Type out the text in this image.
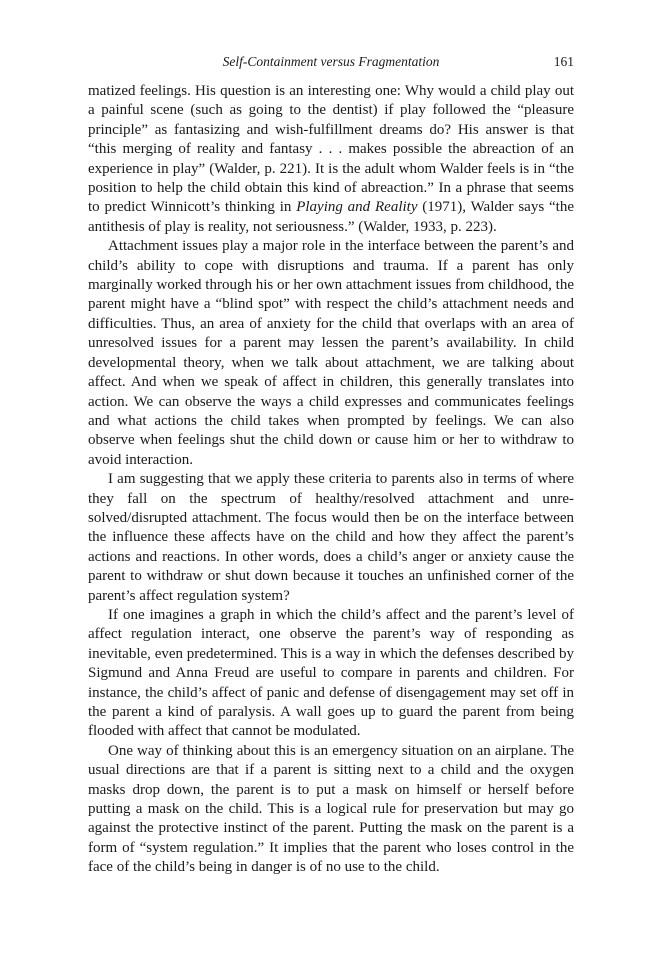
Self-Containment versus Fragmentation	161

matized feelings. His question is an interesting one: Why would a child play out a painful scene (such as going to the dentist) if play followed the “pleasure principle” as fantasizing and wish-fulfillment dreams do? His answer is that “this merging of reality and fantasy . . . makes possible the abreaction of an experience in play” (Walder, p. 221). It is the adult whom Walder feels is in “the position to help the child obtain this kind of abreaction.” In a phrase that seems to predict Winnicott’s thinking in Playing and Reality (1971), Walder says “the antithesis of play is reality, not seriousness.” (Walder, 1933, p. 223).

Attachment issues play a major role in the interface between the parent’s and child’s ability to cope with disruptions and trauma. If a parent has only marginally worked through his or her own attachment issues from childhood, the parent might have a “blind spot” with respect the child’s attachment needs and difficulties. Thus, an area of anxiety for the child that overlaps with an area of unresolved issues for a parent may lessen the parent’s availability. In child developmental theory, when we talk about attachment, we are talking about affect. And when we speak of affect in children, this generally translates into action. We can observe the ways a child expresses and communicates feelings and what actions the child takes when prompted by feelings. We can also observe when feelings shut the child down or cause him or her to withdraw to avoid interaction.

I am suggesting that we apply these criteria to parents also in terms of where they fall on the spectrum of healthy/resolved attachment and unresolved/disrupted attachment. The focus would then be on the interface between the influence these affects have on the child and how they affect the parent’s actions and reactions. In other words, does a child’s anger or anxiety cause the parent to withdraw or shut down because it touches an unfinished corner of the parent’s affect regulation system?

If one imagines a graph in which the child’s affect and the parent’s level of affect regulation interact, one observe the parent’s way of responding as inevitable, even predetermined. This is a way in which the defenses described by Sigmund and Anna Freud are useful to compare in parents and children. For instance, the child’s affect of panic and defense of disengagement may set off in the parent a kind of paralysis. A wall goes up to guard the parent from being flooded with affect that cannot be modulated.

One way of thinking about this is an emergency situation on an airplane. The usual directions are that if a parent is sitting next to a child and the oxygen masks drop down, the parent is to put a mask on himself or herself before putting a mask on the child. This is a logical rule for preservation but may go against the protective instinct of the parent. Putting the mask on the parent is a form of “system regulation.” It implies that the parent who loses control in the face of the child’s being in danger is of no use to the child.
